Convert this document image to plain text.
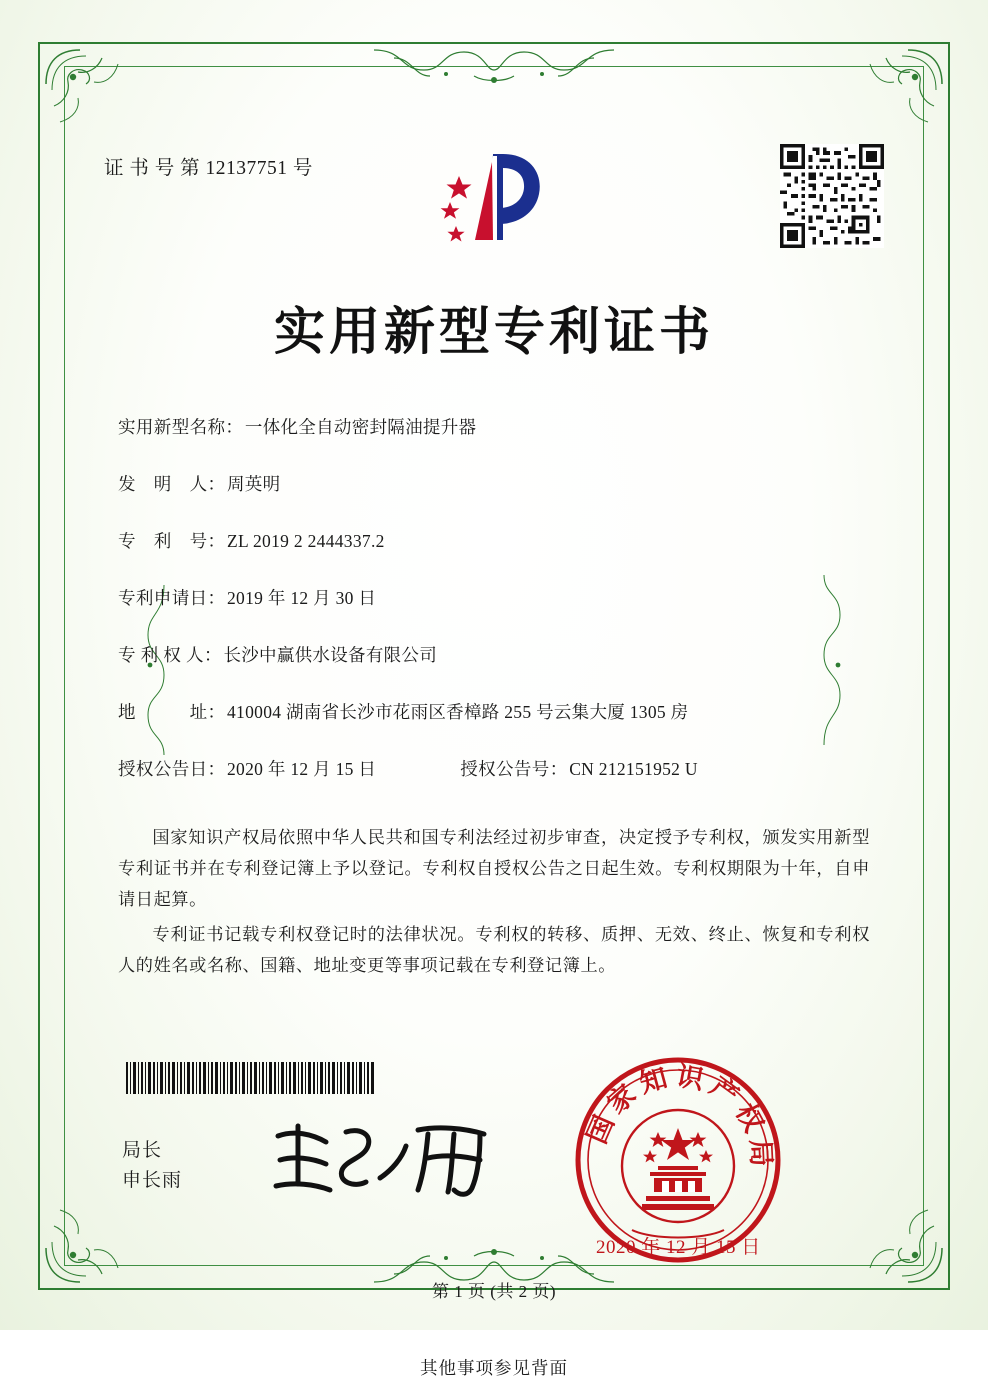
证 书 号 第 12137751 号
实用新型专利证书
实用新型名称 ： 一体化全自动密封隔油提升器
发　明　人 ： 周英明
专　利　号 ： ZL 2019 2 2444337.2
专利申请日 ： 2019 年 12 月 30 日
专 利 权 人 ： 长沙中赢供水设备有限公司
地　　　址 ： 410004 湖南省长沙市花雨区香樟路 255 号云集大厦 1305 房
授权公告日 ： 2020 年 12 月 15 日	授权公告号 ： CN 212151952 U

国家知识产权局依照中华人民共和国专利法经过初步审查，决定授予专利权，颁发实用新型专利证书并在专利登记簿上予以登记。专利权自授权公告之日起生效。专利权期限为十年，自申请日起算。

专利证书记载专利权登记时的法律状况。专利权的转移、质押、无效、终止、恢复和专利权人的姓名或名称、国籍、地址变更等事项记载在专利登记簿上。

局长
申长雨
国家知识产权局
2020 年 12 月 15 日
第 1 页 (共 2 页)
其他事项参见背面
